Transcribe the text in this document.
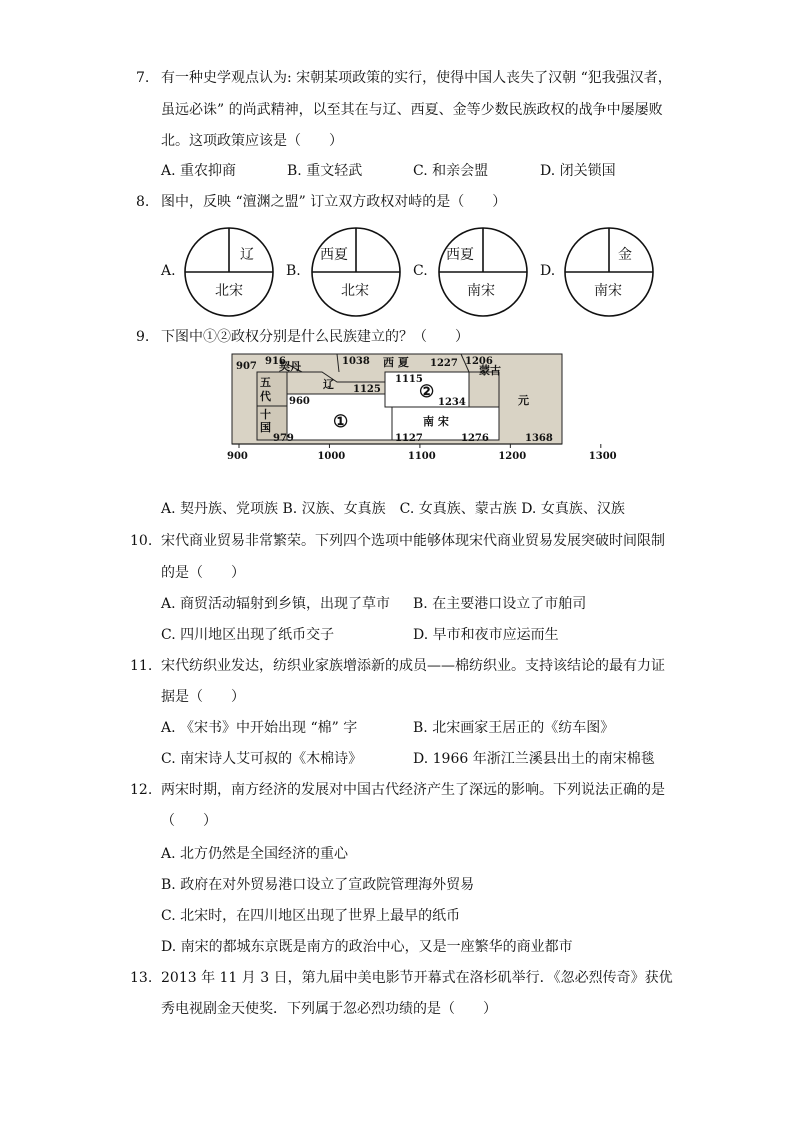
7. 有一种史学观点认为: 宋朝某项政策的实行，使得中国人丧失了汉朝 “犯我强汉者，
虽远必诛” 的尚武精神，以至其在与辽、西夏、金等少数民族政权的战争中屡屡败
北。这项政策应该是（　　）
A. 重农抑商	B. 重文轻武	C. 和亲会盟	D. 闭关锁国
8. 图中，反映 “澶渊之盟” 订立双方政权对峙的是（　　）
A.
辽
北宋
B.
西夏
北宋
C.
西夏
南宋
D.
金
南宋
9. 下图中①②政权分别是什么民族建立的？（　　）
900	1000	1100	1200	1300
907 916
契丹	1038 西 夏 1227 1206
蒙古
辽 1125
1115
②
1234
五
代 960
十
国
979
①	南 宋
1127	1276
元
1368
A. 契丹族、党项族 B. 汉族、女真族　C. 女真族、蒙古族 D. 女真族、汉族
10. 宋代商业贸易非常繁荣。下列四个选项中能够体现宋代商业贸易发展突破时间限制
的是（　　）
A. 商贸活动辐射到乡镇，出现了草市 B. 在主要港口设立了市舶司
C. 四川地区出现了纸币交子	D. 早市和夜市应运而生
11. 宋代纺织业发达，纺织业家族增添新的成员——棉纺织业。支持该结论的最有力证
据是（　　）
A. 《宋书》中开始出现 “棉” 字	B. 北宋画家王居正的《纺车图》
C. 南宋诗人艾可叔的《木棉诗》	D. 1966 年浙江兰溪县出土的南宋棉毯
12. 两宋时期，南方经济的发展对中国古代经济产生了深远的影响。下列说法正确的是
（　　）
A. 北方仍然是全国经济的重心
B. 政府在对外贸易港口设立了宣政院管理海外贸易
C. 北宋时，在四川地区出现了世界上最早的纸币
D. 南宋的都城东京既是南方的政治中心，又是一座繁华的商业都市
13. 2013 年 11 月 3 日，第九届中美电影节开幕式在洛杉矶举行．《忽必烈传奇》获优
秀电视剧金天使奖．下列属于忽必烈功绩的是（　　）
